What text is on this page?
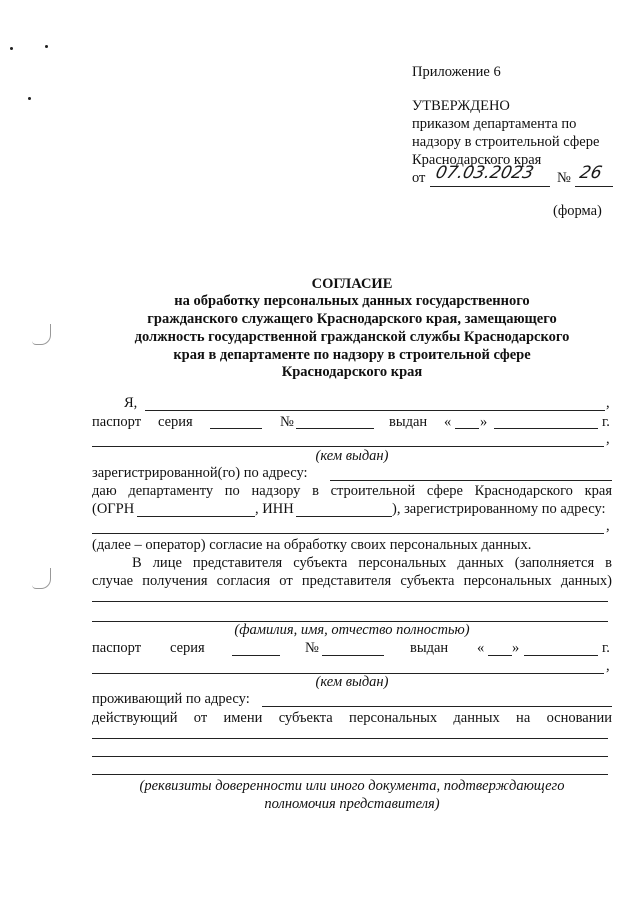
Приложение 6
УТВЕРЖДЕНО
приказом департамента по
надзору в строительной сфере
Краснодарского края
от 07.03.2023 № 26
(форма)
СОГЛАСИЕ
на обработку персональных данных государственного
гражданского служащего Краснодарского края, замещающего
должность государственной гражданской службы Краснодарского
края в департаменте по надзору в строительной сфере
Краснодарского края
Я,	,
паспорт серия	№	выдан « »	г.
,
(кем выдан)
зарегистрированной(го) по адресу:
даю департаменту по надзору в строительной сфере Краснодарского края
(ОГРН	, ИНН	), зарегистрированному по адресу:
,
(далее – оператор) согласие на обработку своих персональных данных.
В лице представителя субъекта персональных данных (заполняется в
случае получения согласия от представителя субъекта персональных данных)
(фамилия, имя, отчество полностью)
паспорт серия	№	выдан « »	г.
,
(кем выдан)
проживающий по адресу:
действующий от имени субъекта персональных данных на основании
(реквизиты доверенности или иного документа, подтверждающего
полномочия представителя)
